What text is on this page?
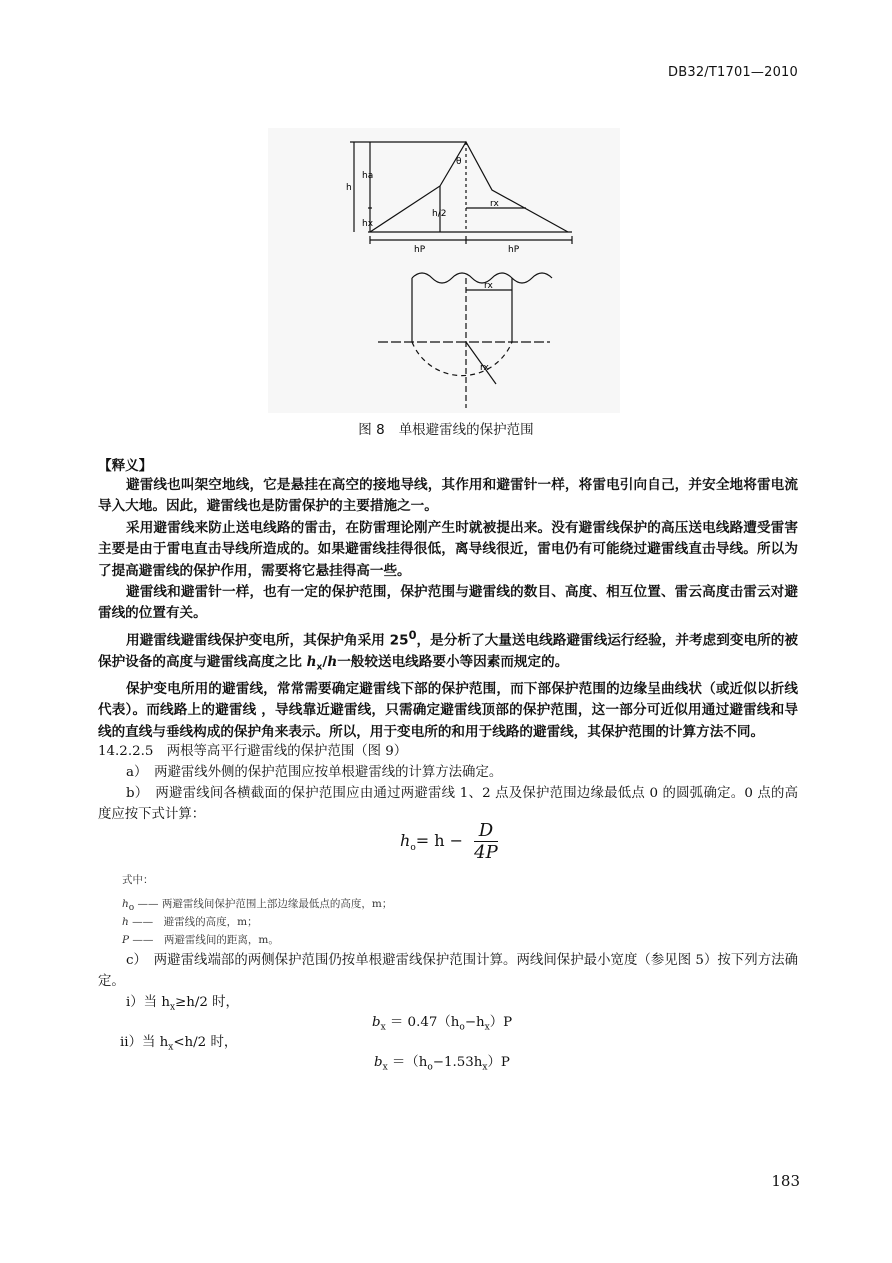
DB32/T1701—2010
h
ha
hx
h/2
θ
rx
hP	hP
rx
rx
图 8 单根避雷线的保护范围
【释义】

避雷线也叫架空地线，它是悬挂在高空的接地导线，其作用和避雷针一样，将雷电引向自己，并安全地将雷电流导入大地。因此，避雷线也是防雷保护的主要措施之一。

采用避雷线来防止送电线路的雷击，在防雷理论刚产生时就被提出来。没有避雷线保护的高压送电线路遭受雷害主要是由于雷电直击导线所造成的。如果避雷线挂得很低，离导线很近，雷电仍有可能绕过避雷线直击导线。所以为了提高避雷线的保护作用，需要将它悬挂得高一些。

避雷线和避雷针一样，也有一定的保护范围，保护范围与避雷线的数目、高度、相互位置、雷云高度击雷云对避雷线的位置有关。

用避雷线避雷线保护变电所，其保护角采用 $25^0$，是分析了大量送电线路避雷线运行经验，并考虑到变电所的被保护设备的高度与避雷线高度之比 $h_x/h$一般较送电线路要小等因素而规定的。

保护变电所用的避雷线，常常需要确定避雷线下部的保护范围，而下部保护范围的边缘呈曲线状（或近似以折线代表）。而线路上的避雷线 ，导线靠近避雷线，只需确定避雷线顶部的保护范围，这一部分可近似用通过避雷线和导线的直线与垂线构成的保护角来表示。所以，用于变电所的和用于线路的避雷线，其保护范围的计算方法不同。

14.2.2.5　两根等高平行避雷线的保护范围（图 9）

a）　两避雷线外侧的保护范围应按单根避雷线的计算方法确定。

b）　两避雷线间各横截面的保护范围应由通过两避雷线 1、2 点及保护范围边缘最低点 0 的圆弧确定。0 点的高度应按下式计算：

$h_o= h - \frac{D}{4P}$
式中：
$h_o$ —— 两避雷线间保护范围上部边缘最低点的高度，m；
h ——　避雷线的高度，m；
P ——　两避雷线间的距离，m。

c）　两避雷线端部的两侧保护范围仍按单根避雷线保护范围计算。两线间保护最小宽度（参见图 5）按下列方法确定。

i）当 $h_x\ge h/2$ 时，
$b_x = 0.47(h_o-h_x)P$
ii）当 $h_x<h/2$ 时，
$b_x =(h_o-1.53h_x)P$
183
